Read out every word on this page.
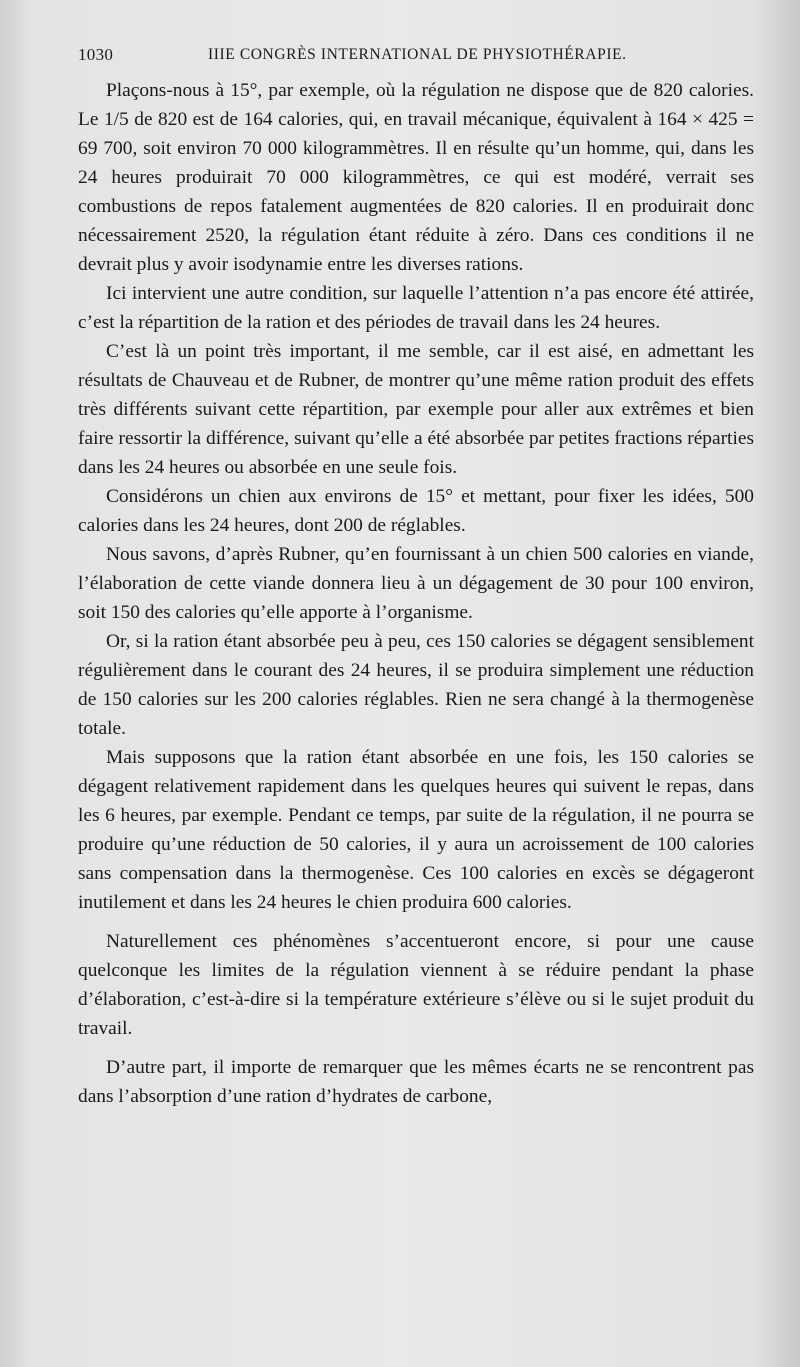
1030	IIIE CONGRÈS INTERNATIONAL DE PHYSIOTHÉRAPIE.

Plaçons-nous à 15°, par exemple, où la régulation ne dispose que de 820 calories. Le 1/5 de 820 est de 164 calories, qui, en travail mécanique, équivalent à 164 × 425 = 69 700, soit environ 70 000 kilogrammètres. Il en résulte qu’un homme, qui, dans les 24 heures produirait 70 000 kilogrammètres, ce qui est modéré, verrait ses combustions de repos fatalement augmentées de 820 calories. Il en produirait donc nécessairement 2520, la régulation étant réduite à zéro. Dans ces conditions il ne devrait plus y avoir isodynamie entre les diverses rations.

Ici intervient une autre condition, sur laquelle l’attention n’a pas encore été attirée, c’est la répartition de la ration et des périodes de travail dans les 24 heures.

C’est là un point très important, il me semble, car il est aisé, en admettant les résultats de Chauveau et de Rubner, de montrer qu’une même ration produit des effets très différents suivant cette répartition, par exemple pour aller aux extrêmes et bien faire ressortir la différence, suivant qu’elle a été absorbée par petites fractions réparties dans les 24 heures ou absorbée en une seule fois.

Considérons un chien aux environs de 15° et mettant, pour fixer les idées, 500 calories dans les 24 heures, dont 200 de réglables.

Nous savons, d’après Rubner, qu’en fournissant à un chien 500 calories en viande, l’élaboration de cette viande donnera lieu à un dégagement de 30 pour 100 environ, soit 150 des calories qu’elle apporte à l’organisme.

Or, si la ration étant absorbée peu à peu, ces 150 calories se dégagent sensiblement régulièrement dans le courant des 24 heures, il se produira simplement une réduction de 150 calories sur les 200 calories réglables. Rien ne sera changé à la thermogenèse totale.

Mais supposons que la ration étant absorbée en une fois, les 150 calories se dégagent relativement rapidement dans les quelques heures qui suivent le repas, dans les 6 heures, par exemple. Pendant ce temps, par suite de la régulation, il ne pourra se produire qu’une réduction de 50 calories, il y aura un acroissement de 100 calories sans compensation dans la thermogenèse. Ces 100 calories en excès se dégageront inutilement et dans les 24 heures le chien produira 600 calories.

Naturellement ces phénomènes s’accentueront encore, si pour une cause quelconque les limites de la régulation viennent à se réduire pendant la phase d’élaboration, c’est-à-dire si la température extérieure s’élève ou si le sujet produit du travail.

D’autre part, il importe de remarquer que les mêmes écarts ne se rencontrent pas dans l’absorption d’une ration d’hydrates de carbone,
